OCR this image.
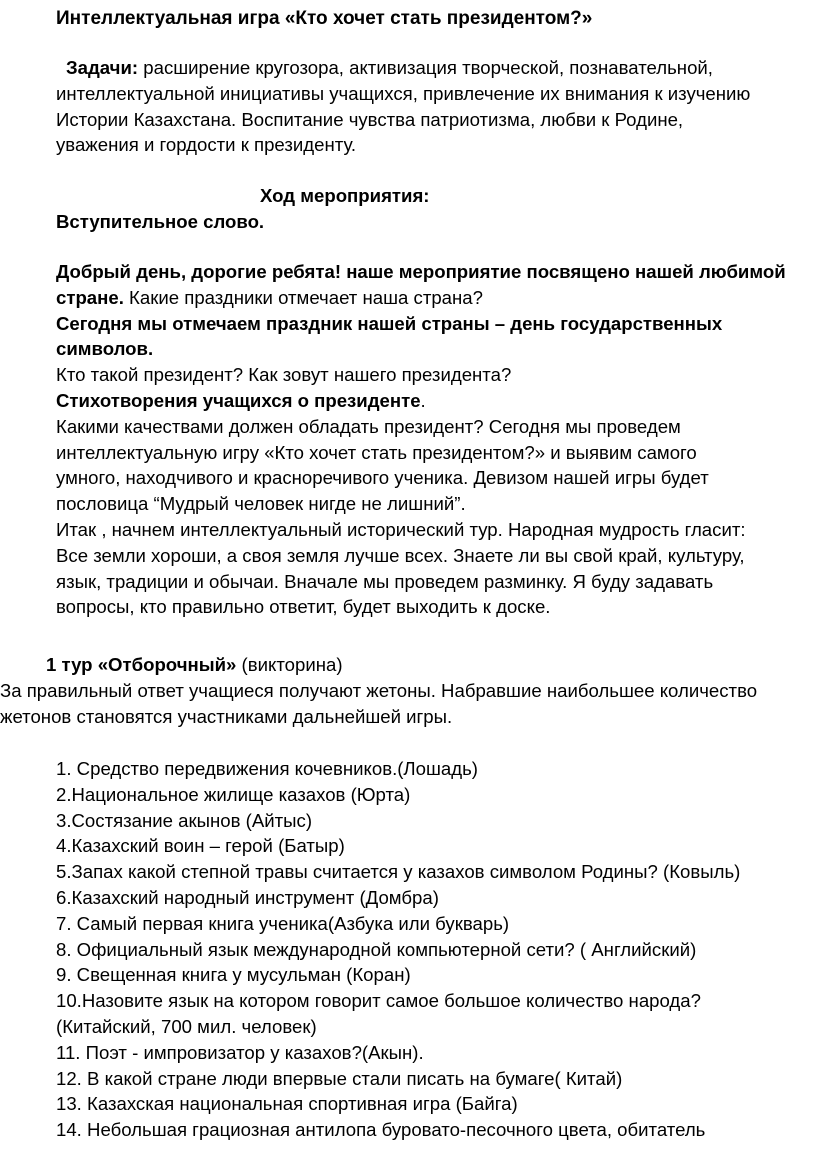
Интеллектуальная игра «Кто хочет стать президентом?»

Задачи: расширение кругозора, активизация творческой, познавательной,

интеллектуальной инициативы учащихся, привлечение их внимания к изучению

Истории Казахстана. Воспитание чувства патриотизма, любви к Родине,

уважения и гордости к президенту.

Ход мероприятия:

Вступительное слово.

Добрый день, дорогие ребята! наше мероприятие посвящено нашей любимой

стране. Какие праздники отмечает наша страна?

Сегодня мы отмечаем праздник нашей страны – день государственных

символов.

Кто такой президент? Как зовут нашего президента?

Стихотворения учащихся о президенте.

Какими качествами должен обладать президент? Сегодня мы проведем

интеллектуальную игру «Кто хочет стать президентом?» и выявим самого

умного, находчивого и красноречивого ученика. Девизом нашей игры будет

пословица “Мудрый человек нигде не лишний”.

Итак , начнем интеллектуальный исторический тур. Народная мудрость гласит:

Все земли хороши, а своя земля лучше всех. Знаете ли вы свой край, культуру,

язык, традиции и обычаи. Вначале мы проведем разминку. Я буду задавать

вопросы, кто правильно ответит, будет выходить к доске.

1 тур «Отборочный» (викторина)

За правильный ответ учащиеся получают жетоны. Набравшие наибольшее количество

жетонов становятся участниками дальнейшей игры.

1. Средство передвижения кочевников.(Лошадь)

2.Национальное жилище казахов (Юрта)

3.Состязание акынов (Айтыс)

4.Казахский воин – герой (Батыр)

5.Запах какой степной травы считается у казахов символом Родины? (Ковыль)

6.Казахский народный инструмент (Домбра)

7. Самый первая книга ученика(Азбука или букварь)

8. Официальный язык международной компьютерной сети? ( Английский)

9. Свещенная книга у мусульман (Коран)

10.Назовите язык на котором говорит самое большое количество народа?

(Китайский, 700 мил. человек)

11. Поэт - импровизатор у казахов?(Акын).

12. В какой стране люди впервые стали писать на бумаге( Китай)

13. Казахская национальная спортивная игра (Байга)

14. Небольшая грациозная антилопа буровато-песочного цвета, обитатель
